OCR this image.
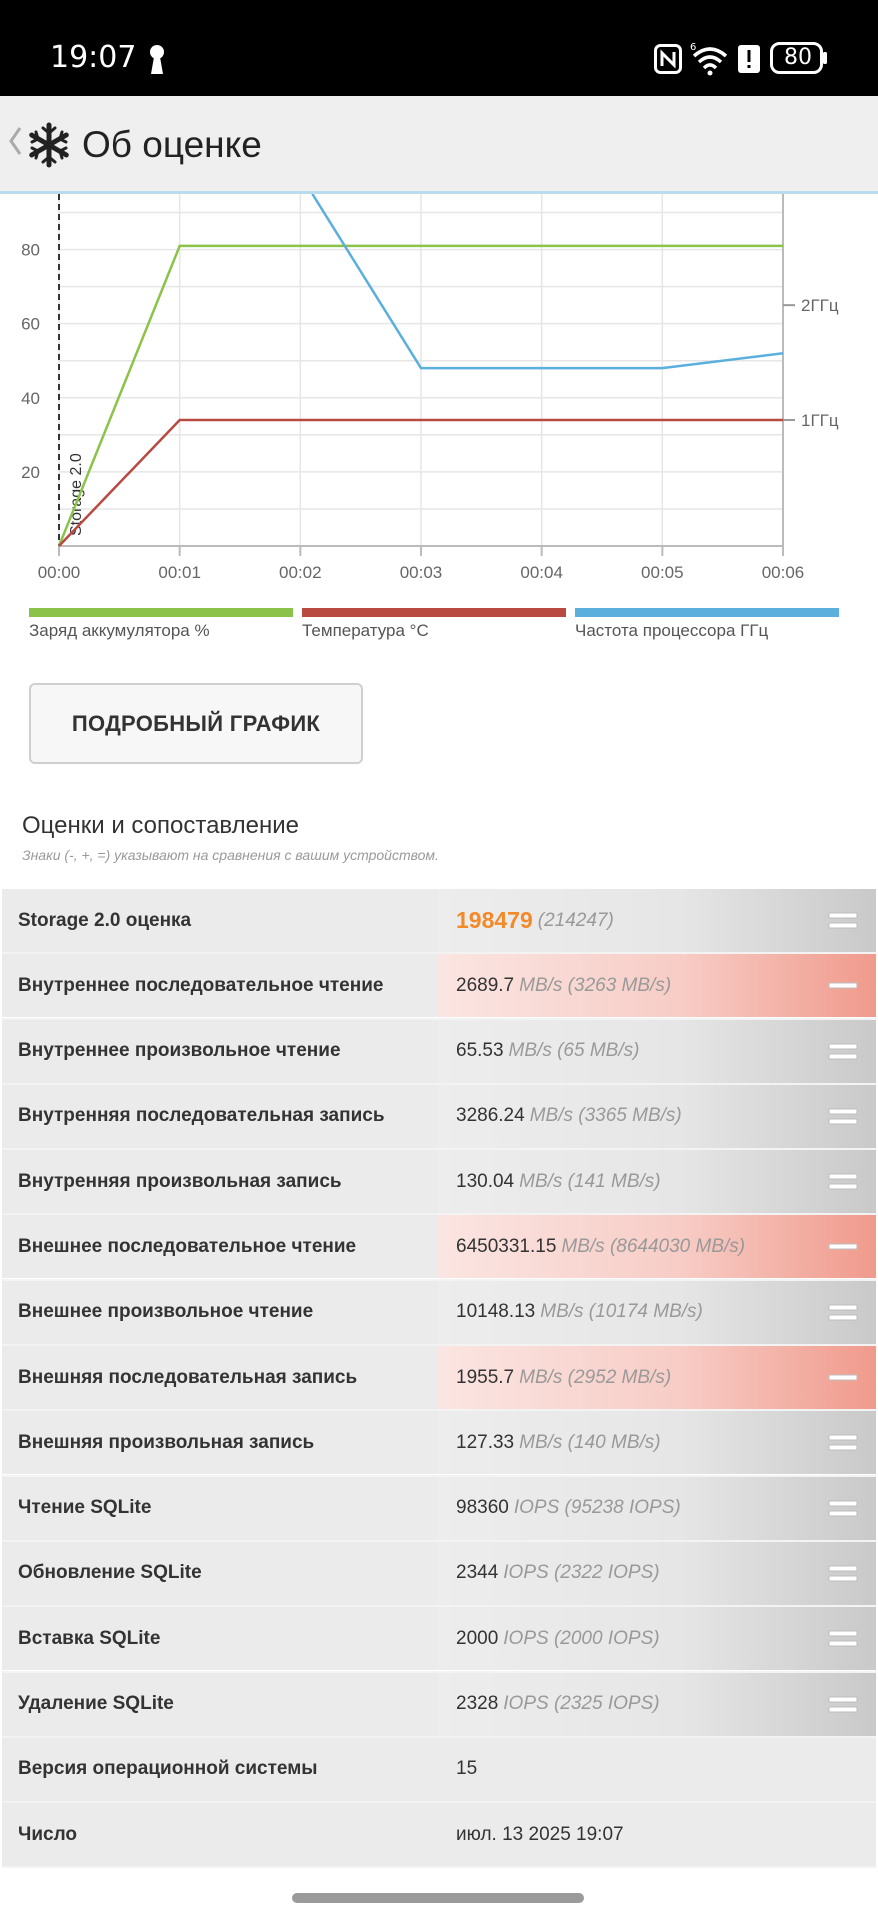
19:07	6	80
Об оценке
Storage 2.0
00:00	00:01	00:02	00:03	00:04	00:05	00:06
20
40
60
80
1ГГц
2ГГц
Заряд аккумулятора %	Температура °C	Частота процессора ГГц
ПОДРОБНЫЙ ГРАФИК
Оценки и сопоставление
Знаки (-, +, =) указывают на сравнения с вашим устройством.
Storage 2.0 оценка	198479 (214247)
Внутреннее последовательное чтение	2689.7 MB/s (3263 MB/s)
Внутреннее произвольное чтение	65.53 MB/s (65 MB/s)
Внутренняя последовательная запись	3286.24 MB/s (3365 MB/s)
Внутренняя произвольная запись	130.04 MB/s (141 MB/s)
Внешнее последовательное чтение	6450331.15 MB/s (8644030 MB/s)
Внешнее произвольное чтение	10148.13 MB/s (10174 MB/s)
Внешняя последовательная запись	1955.7 MB/s (2952 MB/s)
Внешняя произвольная запись	127.33 MB/s (140 MB/s)
Чтение SQLite	98360 IOPS (95238 IOPS)
Обновление SQLite	2344 IOPS (2322 IOPS)
Вставка SQLite	2000 IOPS (2000 IOPS)
Удаление SQLite	2328 IOPS (2325 IOPS)
Версия операционной системы	15
Число	июл. 13 2025 19:07
